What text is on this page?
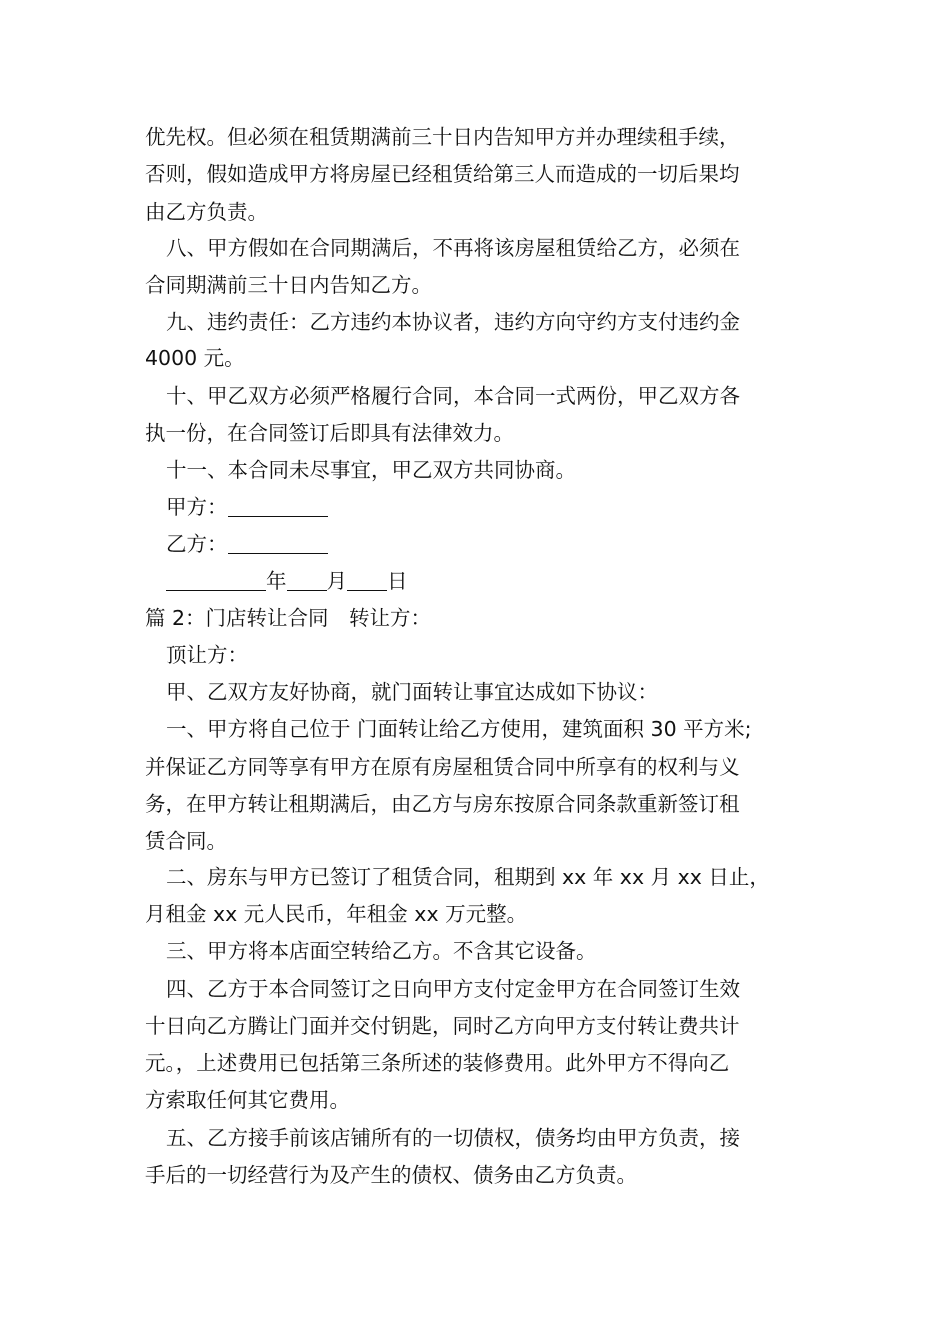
优先权。但必须在租赁期满前三十日内告知甲方并办理续租手续，
否则，假如造成甲方将房屋已经租赁给第三人而造成的一切后果均
由乙方负责。
八、甲方假如在合同期满后，不再将该房屋租赁给乙方，必须在
合同期满前三十日内告知乙方。
九、违约责任：乙方违约本协议者，违约方向守约方支付违约金
4000 元。
十、甲乙双方必须严格履行合同，本合同一式两份，甲乙双方各
执一份，在合同签订后即具有法律效力。
十一、本合同未尽事宜，甲乙双方共同协商。
甲方：
乙方：
年 月 日
篇 2：门店转让合同　转让方：
顶让方：
甲、乙双方友好协商，就门面转让事宜达成如下协议：
一、甲方将自己位于 门面转让给乙方使用，建筑面积 30 平方米;
并保证乙方同等享有甲方在原有房屋租赁合同中所享有的权利与义
务，在甲方转让租期满后，由乙方与房东按原合同条款重新签订租
赁合同。
二、房东与甲方已签订了租赁合同，租期到 xx 年 xx 月 xx 日止，
月租金 xx 元人民币，年租金 xx 万元整。
三、甲方将本店面空转给乙方。不含其它设备。
四、乙方于本合同签订之日向甲方支付定金甲方在合同签订生效
十日向乙方腾让门面并交付钥匙，同时乙方向甲方支付转让费共计
元。，上述费用已包括第三条所述的装修费用。此外甲方不得向乙
方索取任何其它费用。
五、乙方接手前该店铺所有的一切债权，债务均由甲方负责，接
手后的一切经营行为及产生的债权、债务由乙方负责。
